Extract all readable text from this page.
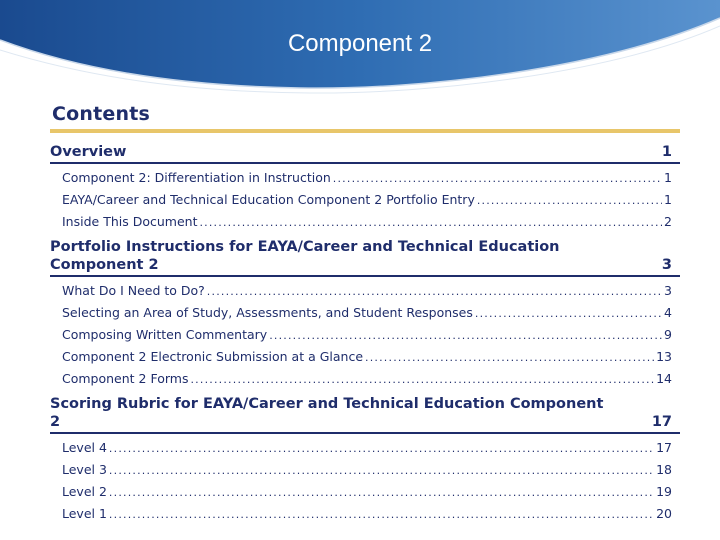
Component 2
Contents
Overview	1
Component 2: Differentiation in Instruction .....	1
EAYA/Career and Technical Education Component 2 Portfolio Entry .....	1
Inside This Document .....	2
Portfolio Instructions for EAYA/Career and Technical Education Component 2	3
What Do I Need to Do? .....	3
Selecting an Area of Study, Assessments, and Student Responses .....	4
Composing Written Commentary .....	9
Component 2 Electronic Submission at a Glance .....	13
Component 2 Forms .....	14
Scoring Rubric for EAYA/Career and Technical Education Component 2	17
Level 4 .....	17
Level 3 .....	18
Level 2 .....	19
Level 1 .....	20
